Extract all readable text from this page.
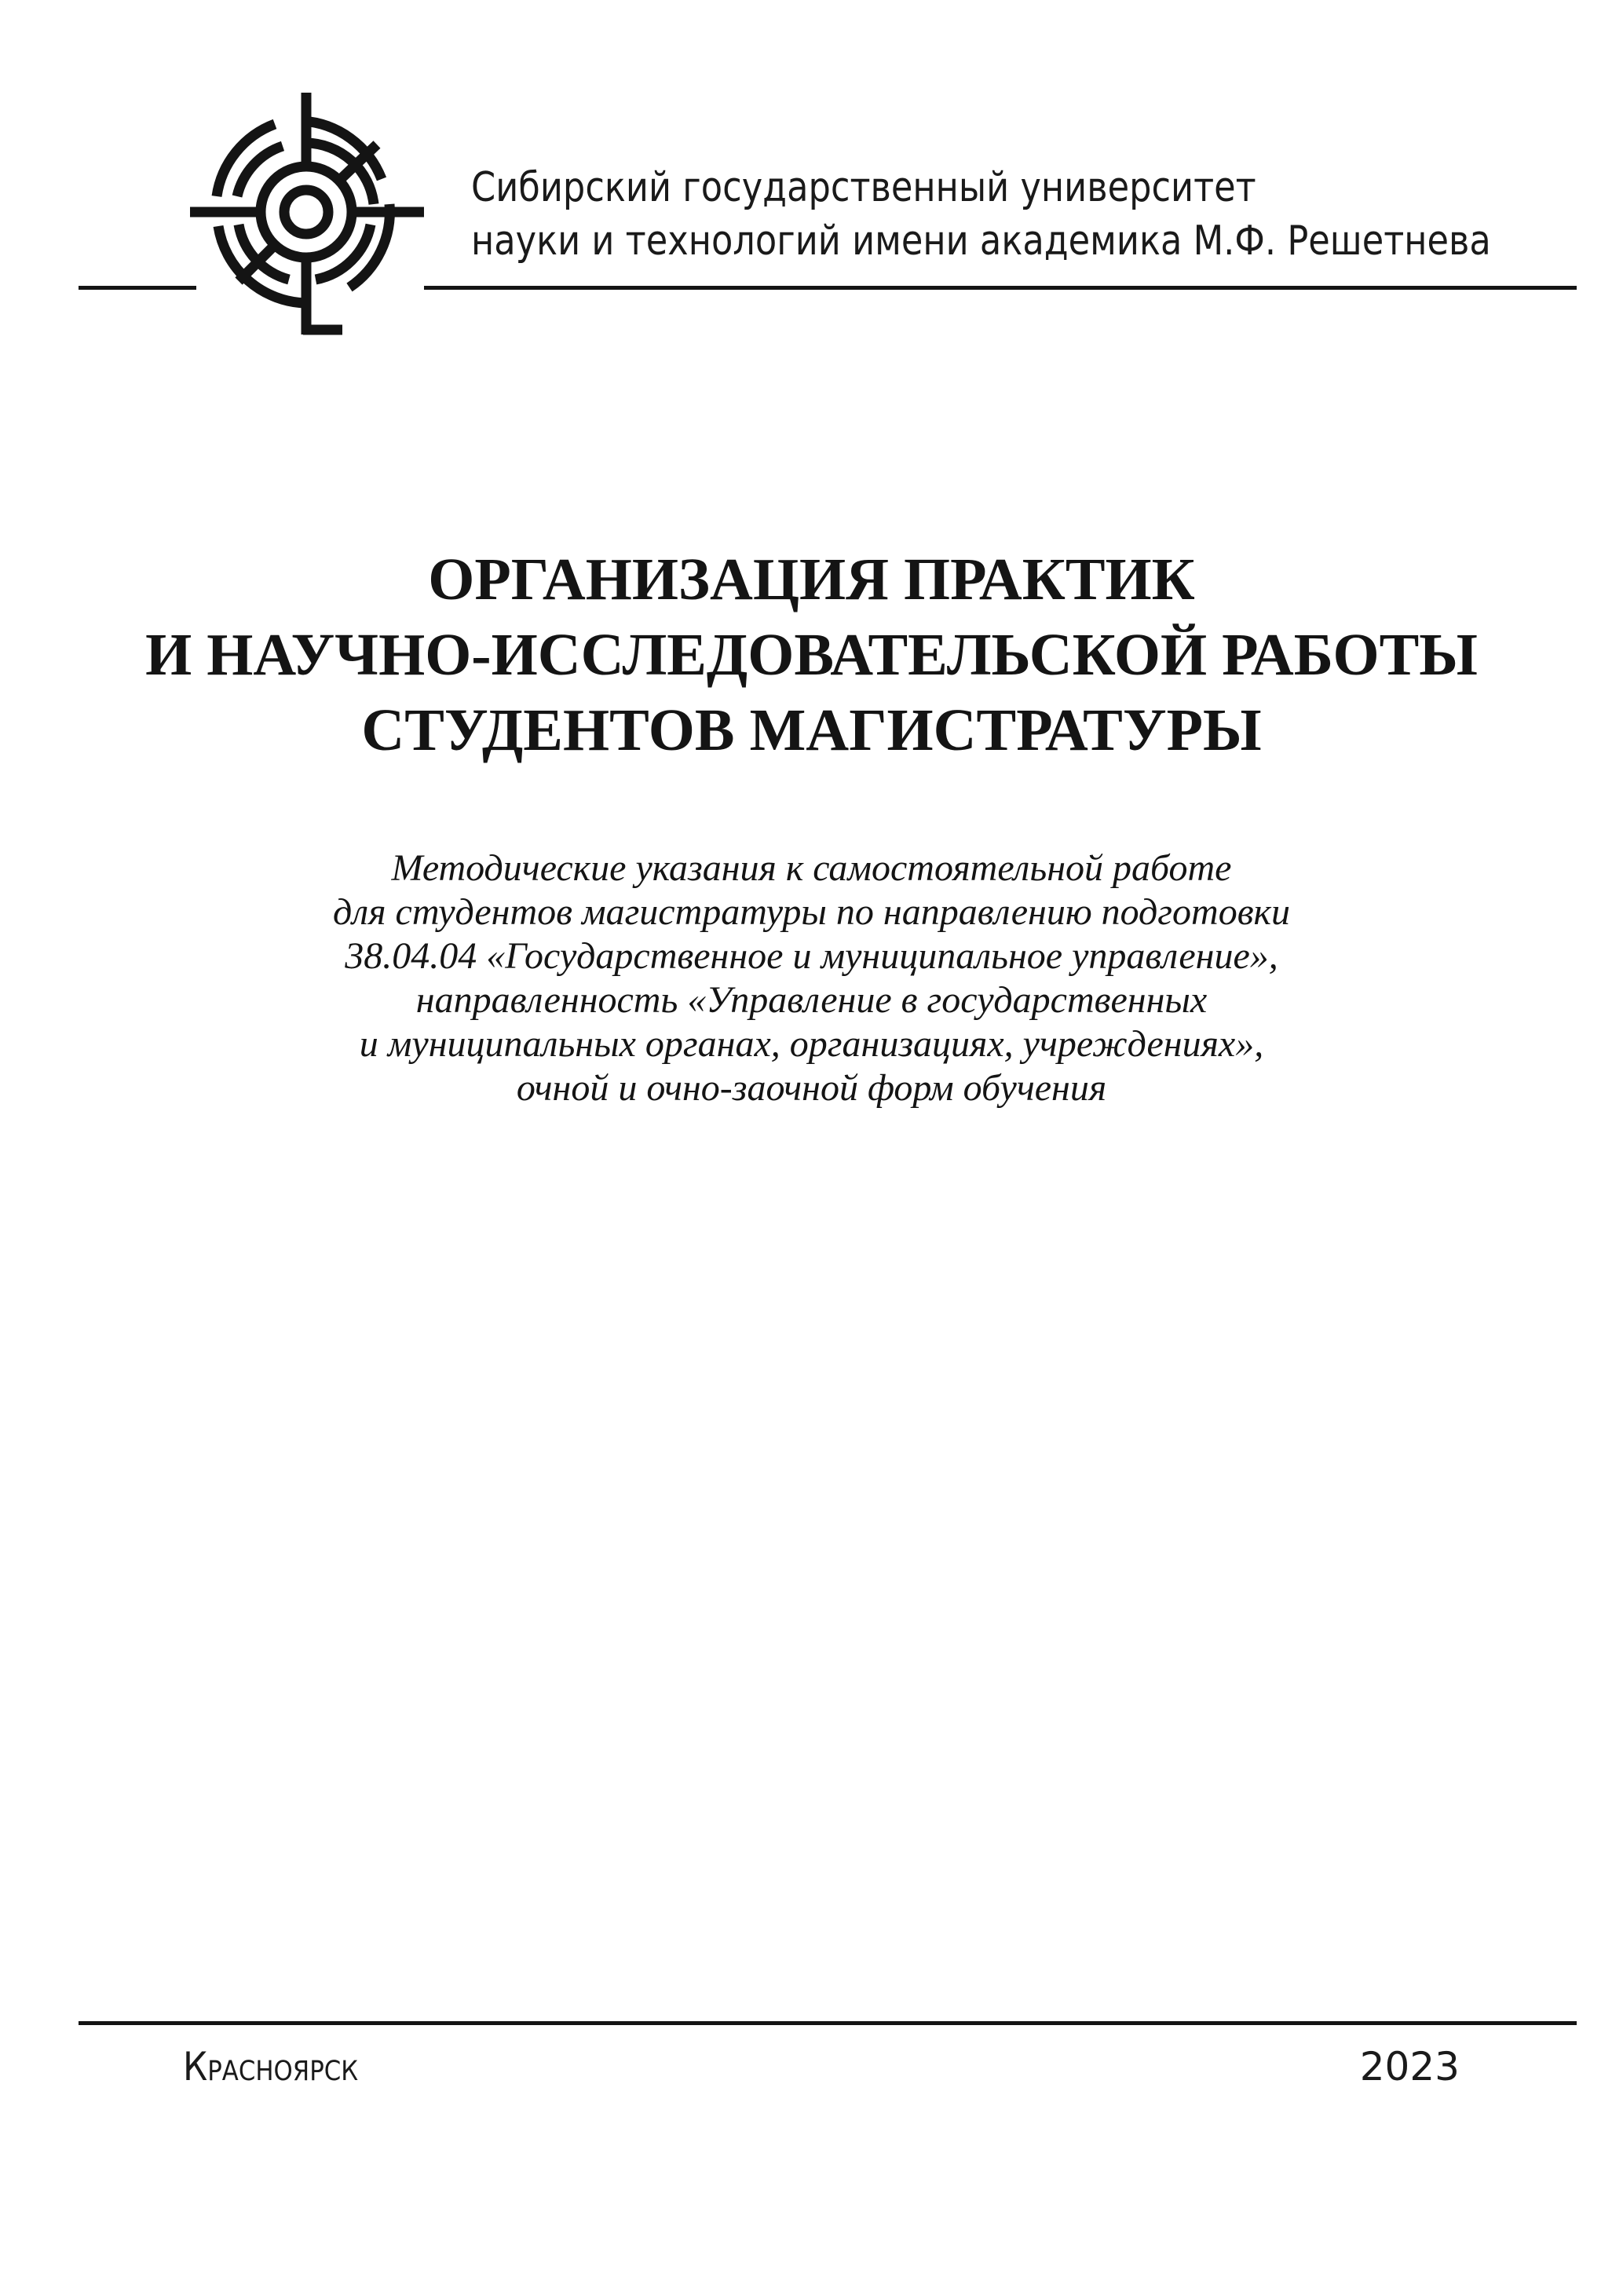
Сибирский государственный университет
науки и технологий имени академика М.Ф. Решетнева
ОРГАНИЗАЦИЯ ПРАКТИК
И НАУЧНО-ИССЛЕДОВАТЕЛЬСКОЙ РАБОТЫ
СТУДЕНТОВ МАГИСТРАТУРЫ
Методические указания к самостоятельной работе
для студентов магистратуры по направлению подготовки
38.04.04 «Государственное и муниципальное управление»,
направленность «Управление в государственных
и муниципальных органах, организациях, учреждениях»,
очной и очно-заочной форм обучения
Красноярск	2023
